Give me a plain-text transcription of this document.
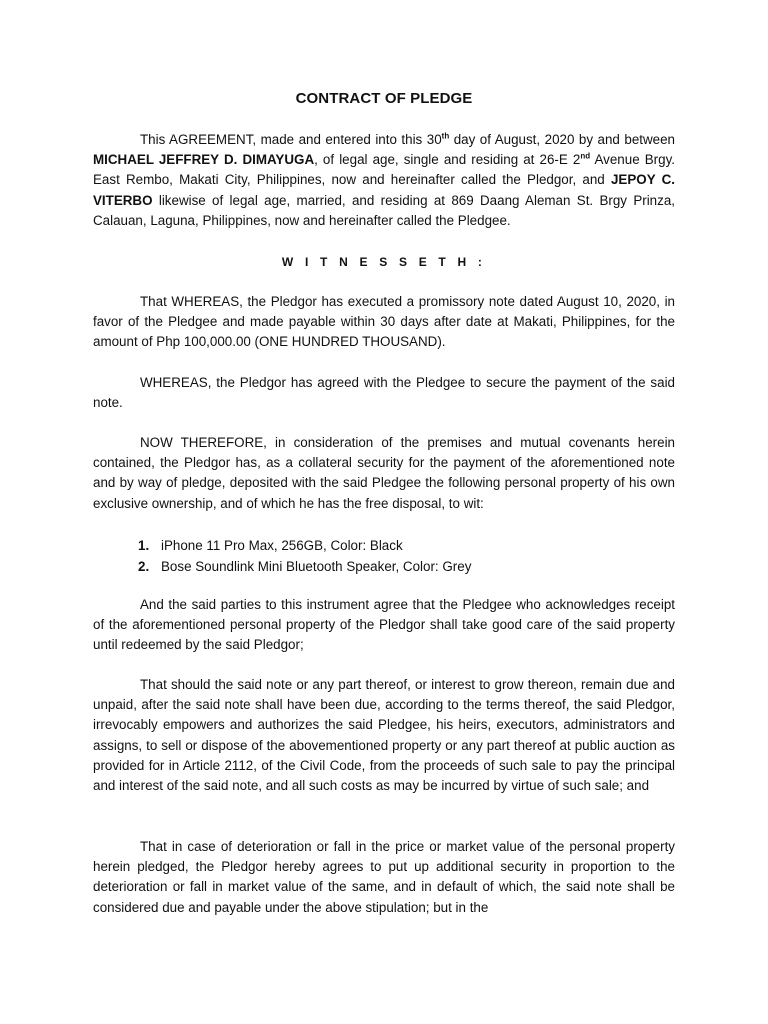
CONTRACT OF PLEDGE

This AGREEMENT, made and entered into this 30th day of August, 2020 by and between MICHAEL JEFFREY D. DIMAYUGA, of legal age, single and residing at 26-E 2nd Avenue Brgy. East Rembo, Makati City, Philippines, now and hereinafter called the Pledgor, and JEPOY C. VITERBO likewise of legal age, married, and residing at 869 Daang Aleman St. Brgy Prinza, Calauan, Laguna, Philippines, now and hereinafter called the Pledgee.

W I T N E S S E T H :

That WHEREAS, the Pledgor has executed a promissory note dated August 10, 2020, in favor of the Pledgee and made payable within 30 days after date at Makati, Philippines, for the amount of Php 100,000.00 (ONE HUNDRED THOUSAND).

WHEREAS, the Pledgor has agreed with the Pledgee to secure the payment of the said note.

NOW THEREFORE, in consideration of the premises and mutual covenants herein contained, the Pledgor has, as a collateral security for the payment of the aforementioned note and by way of pledge, deposited with the said Pledgee the following personal property of his own exclusive ownership, and of which he has the free disposal, to wit:

1. iPhone 11 Pro Max, 256GB, Color: Black
2. Bose Soundlink Mini Bluetooth Speaker, Color: Grey

And the said parties to this instrument agree that the Pledgee who acknowledges receipt of the aforementioned personal property of the Pledgor shall take good care of the said property until redeemed by the said Pledgor;

That should the said note or any part thereof, or interest to grow thereon, remain due and unpaid, after the said note shall have been due, according to the terms thereof, the said Pledgor, irrevocably empowers and authorizes the said Pledgee, his heirs, executors, administrators and assigns, to sell or dispose of the abovementioned property or any part thereof at public auction as provided for in Article 2112, of the Civil Code, from the proceeds of such sale to pay the principal and interest of the said note, and all such costs as may be incurred by virtue of such sale; and

That in case of deterioration or fall in the price or market value of the personal property herein pledged, the Pledgor hereby agrees to put up additional security in proportion to the deterioration or fall in market value of the same, and in default of which, the said note shall be considered due and payable under the above stipulation; but in the
